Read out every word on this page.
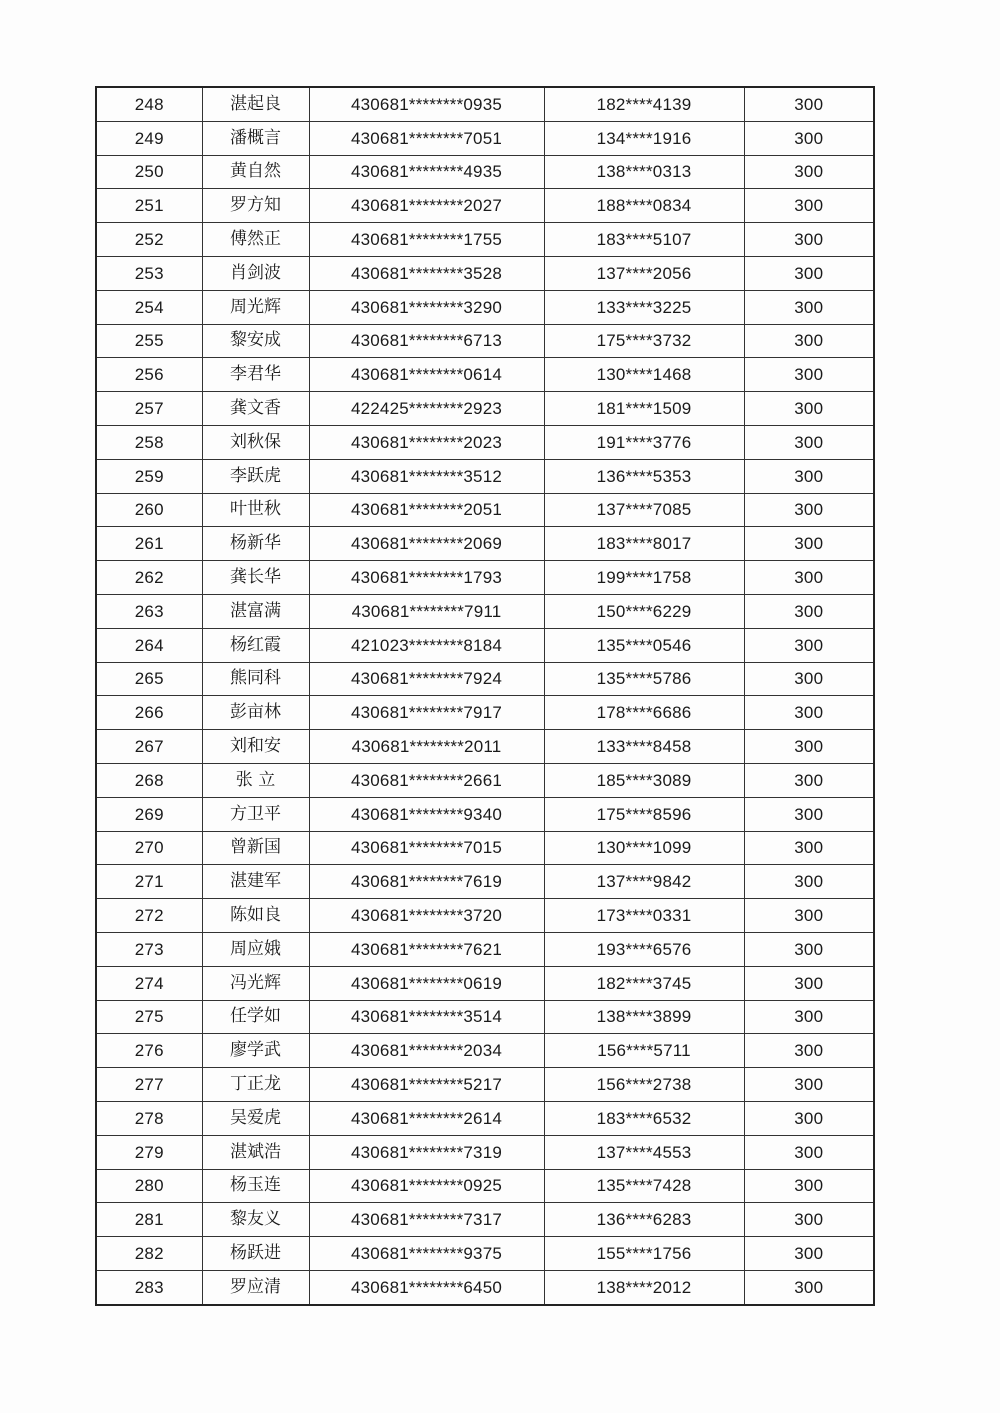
248	湛起良	430681********0935	182****4139	300
249	潘概言	430681********7051	134****1916	300
250	黄自然	430681********4935	138****0313	300
251	罗方知	430681********2027	188****0834	300
252	傅然正	430681********1755	183****5107	300
253	肖剑波	430681********3528	137****2056	300
254	周光辉	430681********3290	133****3225	300
255	黎安成	430681********6713	175****3732	300
256	李君华	430681********0614	130****1468	300
257	龚文香	422425********2923	181****1509	300
258	刘秋保	430681********2023	191****3776	300
259	李跃虎	430681********3512	136****5353	300
260	叶世秋	430681********2051	137****7085	300
261	杨新华	430681********2069	183****8017	300
262	龚长华	430681********1793	199****1758	300
263	湛富满	430681********7911	150****6229	300
264	杨红霞	421023********8184	135****0546	300
265	熊同科	430681********7924	135****5786	300
266	彭亩林	430681********7917	178****6686	300
267	刘和安	430681********2011	133****8458	300
268	张 立	430681********2661	185****3089	300
269	方卫平	430681********9340	175****8596	300
270	曾新国	430681********7015	130****1099	300
271	湛建军	430681********7619	137****9842	300
272	陈如良	430681********3720	173****0331	300
273	周应娥	430681********7621	193****6576	300
274	冯光辉	430681********0619	182****3745	300
275	任学如	430681********3514	138****3899	300
276	廖学武	430681********2034	156****5711	300
277	丁正龙	430681********5217	156****2738	300
278	吴爱虎	430681********2614	183****6532	300
279	湛斌浩	430681********7319	137****4553	300
280	杨玉连	430681********0925	135****7428	300
281	黎友义	430681********7317	136****6283	300
282	杨跃进	430681********9375	155****1756	300
283	罗应清	430681********6450	138****2012	300
